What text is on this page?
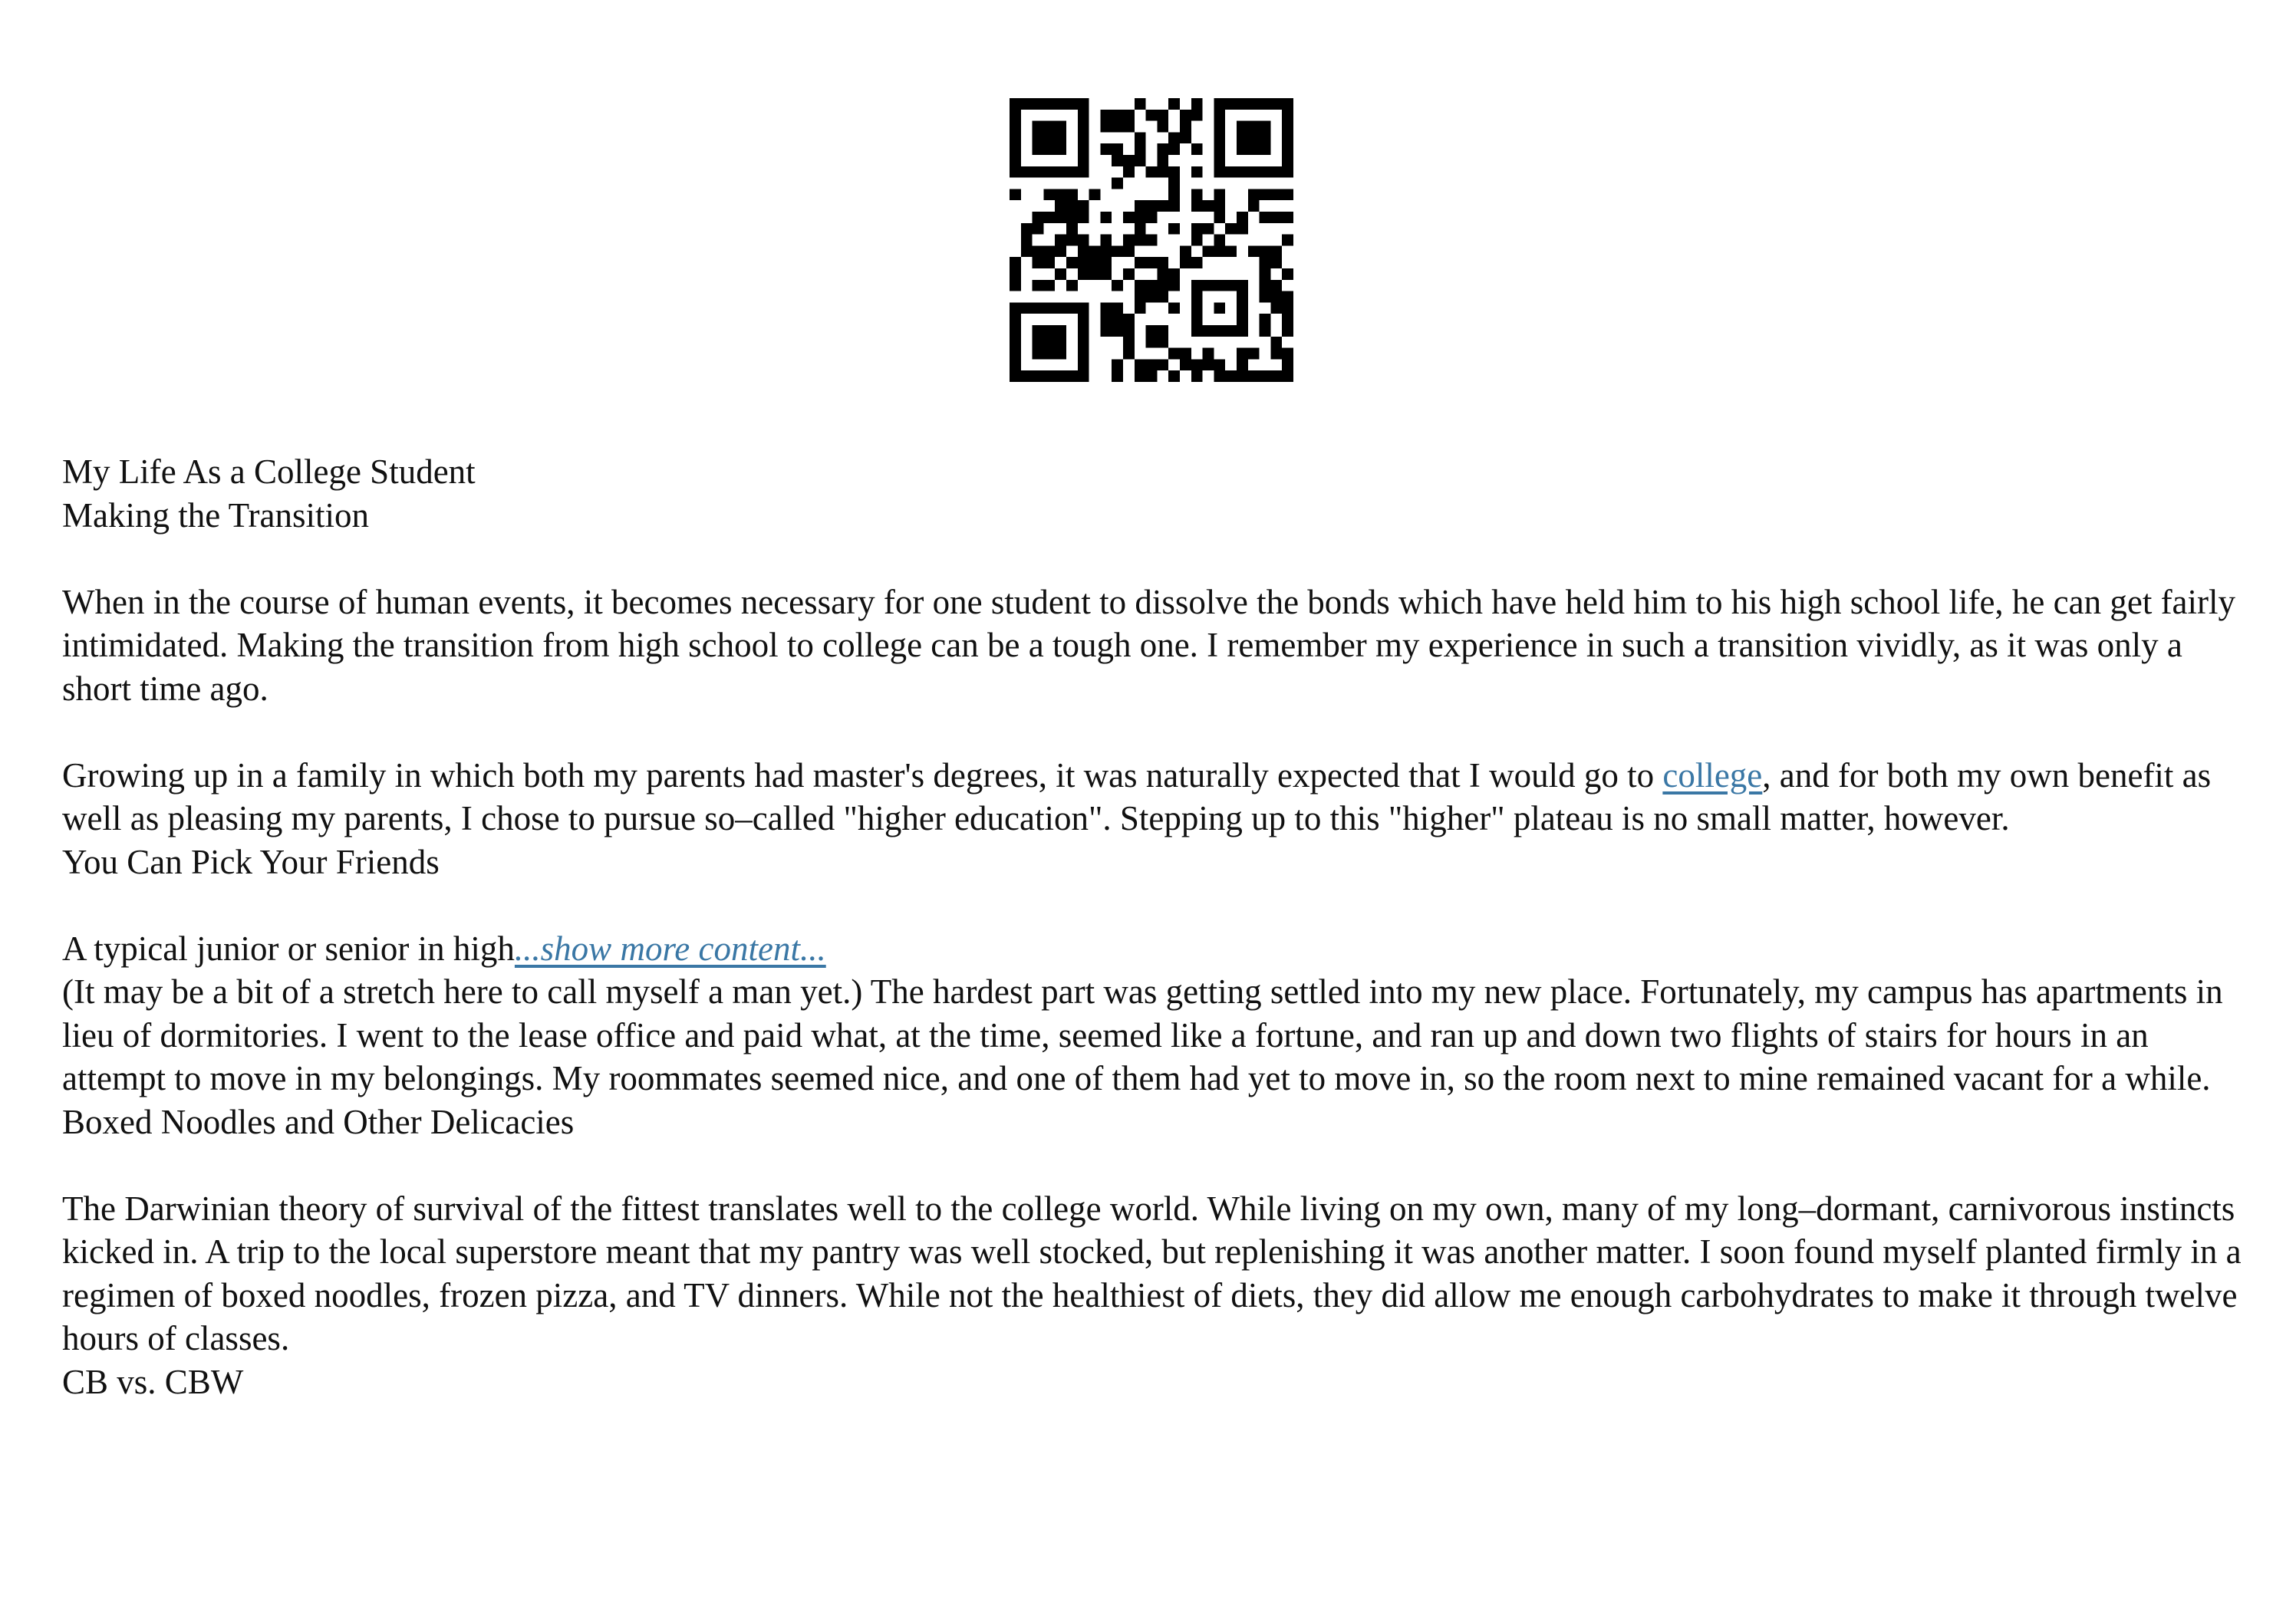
My Life As a College Student

Making the Transition

When in the course of human events, it becomes necessary for one student to dissolve the bonds which have held him to his high school life, he can get fairly intimidated. Making the transition from high school to college can be a tough one. I remember my experience in such a transition vividly, as it was only a short time ago.

Growing up in a family in which both my parents had master's degrees, it was naturally expected that I would go to college, and for both my own benefit as well as pleasing my parents, I chose to pursue so–called "higher education". Stepping up to this "higher" plateau is no small matter, however.

You Can Pick Your Friends

A typical junior or senior in high...show more content...

(It may be a bit of a stretch here to call myself a man yet.) The hardest part was getting settled into my new place. Fortunately, my campus has apartments in lieu of dormitories. I went to the lease office and paid what, at the time, seemed like a fortune, and ran up and down two flights of stairs for hours in an attempt to move in my belongings. My roommates seemed nice, and one of them had yet to move in, so the room next to mine remained vacant for a while.

Boxed Noodles and Other Delicacies

The Darwinian theory of survival of the fittest translates well to the college world. While living on my own, many of my long–dormant, carnivorous instincts kicked in. A trip to the local superstore meant that my pantry was well stocked, but replenishing it was another matter. I soon found myself planted firmly in a regimen of boxed noodles, frozen pizza, and TV dinners. While not the healthiest of diets, they did allow me enough carbohydrates to make it through twelve hours of classes.

CB vs. CBW
